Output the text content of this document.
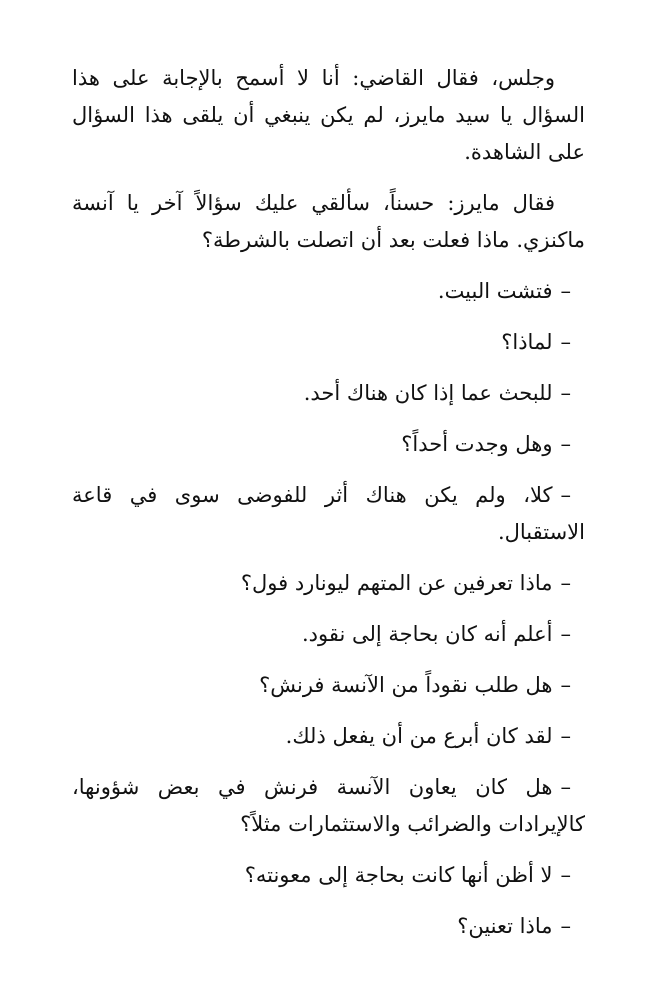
وجلس، فقال القاضي: أنا لا أسمح بالإجابة على هذا السؤال يا سيد مايرز، لم يكن ينبغي أن يلقى هذا السؤال على الشاهدة.

فقال مايرز: حسناً، سألقي عليك سؤالاً آخر يا آنسة ماكنزي. ماذا فعلت بعد أن اتصلت بالشرطة؟

–فتشت البيت.

–لماذا؟

–للبحث عما إذا كان هناك أحد.

–وهل وجدت أحداً؟

–كلا، ولم يكن هناك أثر للفوضى سوى في قاعة الاستقبال.

–ماذا تعرفين عن المتهم ليونارد فول؟

–أعلم أنه كان بحاجة إلى نقود.

–هل طلب نقوداً من الآنسة فرنش؟

–لقد كان أبرع من أن يفعل ذلك.

–هل كان يعاون الآنسة فرنش في بعض شؤونها، كالإيرادات والضرائب والاستثمارات مثلاً؟

–لا أظن أنها كانت بحاجة إلى معونته؟

–ماذا تعنين؟
